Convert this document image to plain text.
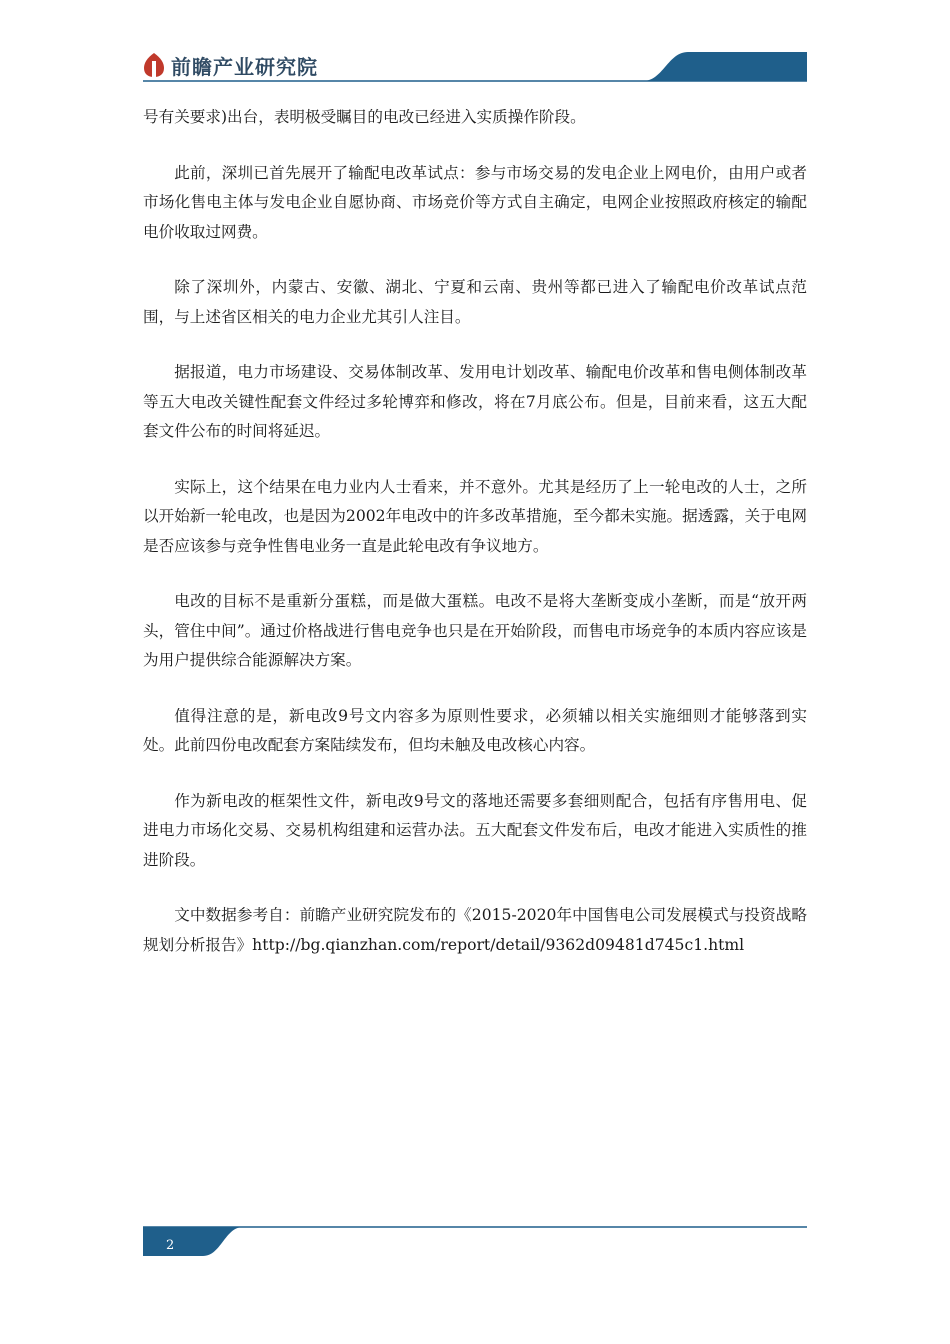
前瞻产业研究院

号有关要求)出台，表明极受瞩目的电改已经进入实质操作阶段。

此前，深圳已首先展开了输配电改革试点：参与市场交易的发电企业上网电价，由用户或者市场化售电主体与发电企业自愿协商、市场竞价等方式自主确定，电网企业按照政府核定的输配电价收取过网费。

除了深圳外，内蒙古、安徽、湖北、宁夏和云南、贵州等都已进入了输配电价改革试点范围，与上述省区相关的电力企业尤其引人注目。

据报道，电力市场建设、交易体制改革、发用电计划改革、输配电价改革和售电侧体制改革等五大电改关键性配套文件经过多轮博弈和修改，将在7月底公布。但是，目前来看，这五大配套文件公布的时间将延迟。

实际上，这个结果在电力业内人士看来，并不意外。尤其是经历了上一轮电改的人士，之所以开始新一轮电改，也是因为2002年电改中的许多改革措施，至今都未实施。据透露，关于电网是否应该参与竞争性售电业务一直是此轮电改有争议地方。

电改的目标不是重新分蛋糕，而是做大蛋糕。电改不是将大垄断变成小垄断，而是“放开两头，管住中间”。通过价格战进行售电竞争也只是在开始阶段，而售电市场竞争的本质内容应该是为用户提供综合能源解决方案。

值得注意的是，新电改9号文内容多为原则性要求，必须辅以相关实施细则才能够落到实处。此前四份电改配套方案陆续发布，但均未触及电改核心内容。

作为新电改的框架性文件，新电改9号文的落地还需要多套细则配合，包括有序售用电、促进电力市场化交易、交易机构组建和运营办法。五大配套文件发布后，电改才能进入实质性的推进阶段。

文中数据参考自：前瞻产业研究院发布的《2015-2020年中国售电公司发展模式与投资战略规划分析报告》http://bg.qianzhan.com/report/detail/9362d09481d745c1.html

2
